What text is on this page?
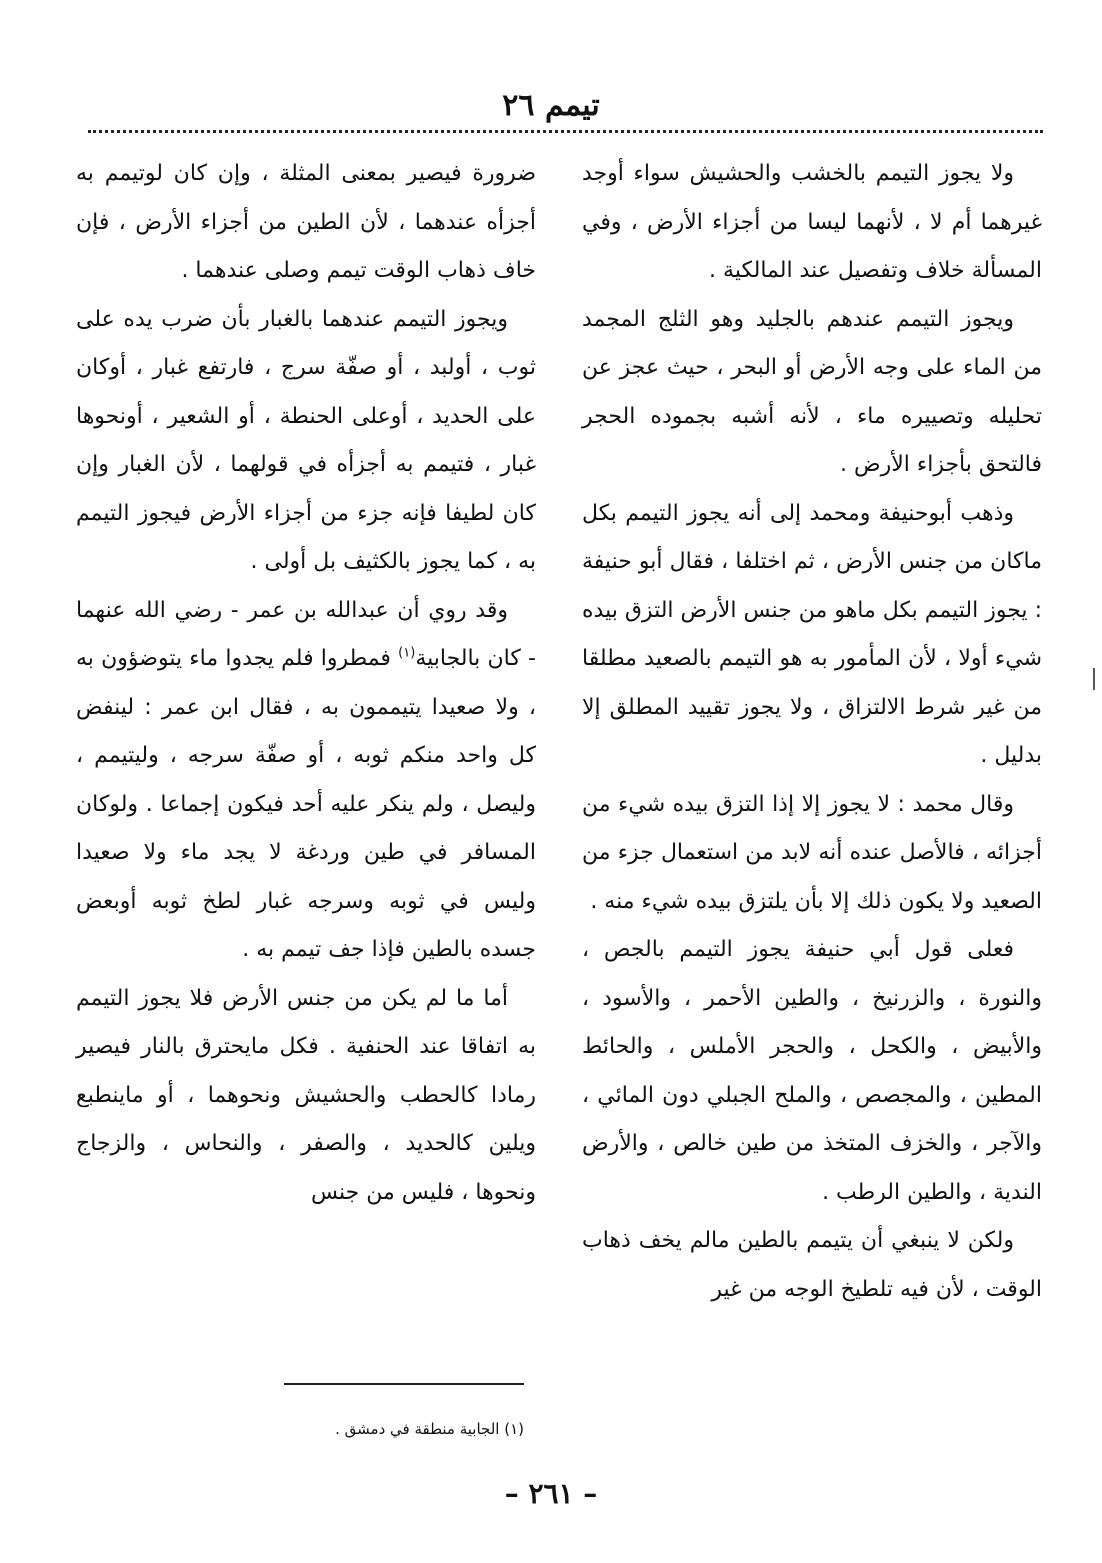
تيمم ٢٦

ولا يجوز التيمم بالخشب والحشيش سواء أوجد غيرهما أم لا ، لأنهما ليسا من أجزاء الأرض ، وفي المسألة خلاف وتفصيل عند المالكية .

ويجوز التيمم عندهم بالجليد وهو الثلج المجمد من الماء على وجه الأرض أو البحر ، حيث عجز عن تحليله وتصييره ماء ، لأنه أشبه بجموده الحجر فالتحق بأجزاء الأرض .

وذهب أبوحنيفة ومحمد إلى أنه يجوز التيمم بكل ماكان من جنس الأرض ، ثم اختلفا ، فقال أبو حنيفة : يجوز التيمم بكل ماهو من جنس الأرض التزق بيده شيء أولا ، لأن المأمور به هو التيمم بالصعيد مطلقا من غير شرط الالتزاق ، ولا يجوز تقييد المطلق إلا بدليل .

وقال محمد : لا يجوز إلا إذا التزق بيده شيء من أجزائه ، فالأصل عنده أنه لابد من استعمال جزء من الصعيد ولا يكون ذلك إلا بأن يلتزق بيده شيء منه .

فعلى قول أبي حنيفة يجوز التيمم بالجص ، والنورة ، والزرنيخ ، والطين الأحمر ، والأسود ، والأبيض ، والكحل ، والحجر الأملس ، والحائط المطين ، والمجصص ، والملح الجبلي دون المائي ، والآجر ، والخزف المتخذ من طين خالص ، والأرض الندية ، والطين الرطب .

ولكن لا ينبغي أن يتيمم بالطين مالم يخف ذهاب الوقت ، لأن فيه تلطيخ الوجه من غير

ضرورة فيصير بمعنى المثلة ، وإن كان لوتيمم به أجزأه عندهما ، لأن الطين من أجزاء الأرض ، فإن خاف ذهاب الوقت تيمم وصلى عندهما .

ويجوز التيمم عندهما بالغبار بأن ضرب يده على ثوب ، أولبد ، أو صفّة سرج ، فارتفع غبار ، أوكان على الحديد ، أوعلى الحنطة ، أو الشعير ، أونحوها غبار ، فتيمم به أجزأه في قولهما ، لأن الغبار وإن كان لطيفا فإنه جزء من أجزاء الأرض فيجوز التيمم به ، كما يجوز بالكثيف بل أولى .

وقد روي أن عبدالله بن عمر - رضي الله عنهما - كان بالجابية$^{(١)}$ فمطروا فلم يجدوا ماء يتوضؤون به ، ولا صعيدا يتيممون به ، فقال ابن عمر : لينفض كل واحد منكم ثوبه ، أو صفّة سرجه ، وليتيمم ، وليصل ، ولم ينكر عليه أحد فيكون إجماعا . ولوكان المسافر في طين وردغة لا يجد ماء ولا صعيدا وليس في ثوبه وسرجه غبار لطخ ثوبه أوبعض جسده بالطين فإذا جف تيمم به .

أما ما لم يكن من جنس الأرض فلا يجوز التيمم به اتفاقا عند الحنفية . فكل مايحترق بالنار فيصير رمادا كالحطب والحشيش ونحوهما ، أو ماينطبع ويلين كالحديد ، والصفر ، والنحاس ، والزجاج ونحوها ، فليس من جنس

(١) الجابية منطقة في دمشق .
– ٢٦١ –
